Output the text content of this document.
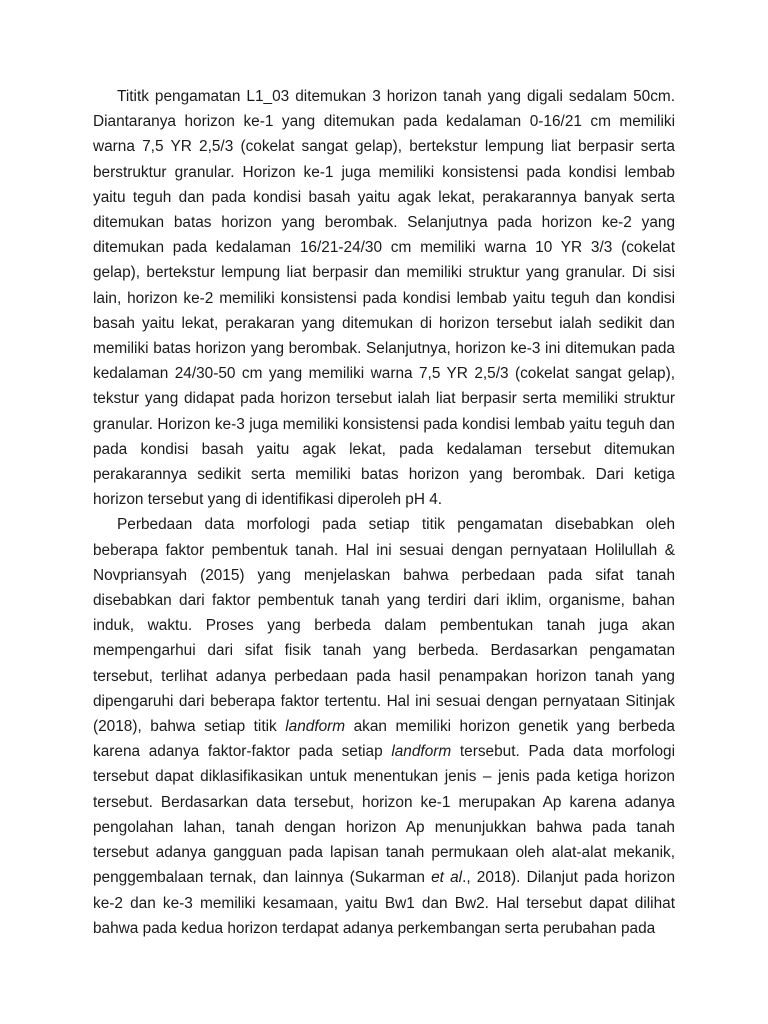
Tititk pengamatan L1_03 ditemukan 3 horizon tanah yang digali sedalam 50cm. Diantaranya horizon ke-1 yang ditemukan pada kedalaman 0-16/21 cm memiliki warna 7,5 YR 2,5/3 (cokelat sangat gelap), bertekstur lempung liat berpasir serta berstruktur granular. Horizon ke-1 juga memiliki konsistensi pada kondisi lembab yaitu teguh dan pada kondisi basah yaitu agak lekat, perakarannya banyak serta ditemukan batas horizon yang berombak. Selanjutnya pada horizon ke-2 yang ditemukan pada kedalaman 16/21-24/30 cm memiliki warna 10 YR 3/3 (cokelat gelap), bertekstur lempung liat berpasir dan memiliki struktur yang granular. Di sisi lain, horizon ke-2 memiliki konsistensi pada kondisi lembab yaitu teguh dan kondisi basah yaitu lekat, perakaran yang ditemukan di horizon tersebut ialah sedikit dan memiliki batas horizon yang berombak. Selanjutnya, horizon ke-3 ini ditemukan pada kedalaman 24/30-50 cm yang memiliki warna 7,5 YR 2,5/3 (cokelat sangat gelap), tekstur yang didapat pada horizon tersebut ialah liat berpasir serta memiliki struktur granular. Horizon ke-3 juga memiliki konsistensi pada kondisi lembab yaitu teguh dan pada kondisi basah yaitu agak lekat, pada kedalaman tersebut ditemukan perakarannya sedikit serta memiliki batas horizon yang berombak. Dari ketiga horizon tersebut yang di identifikasi diperoleh pH 4.

Perbedaan data morfologi pada setiap titik pengamatan disebabkan oleh beberapa faktor pembentuk tanah. Hal ini sesuai dengan pernyataan Holilullah & Novpriansyah (2015) yang menjelaskan bahwa perbedaan pada sifat tanah disebabkan dari faktor pembentuk tanah yang terdiri dari iklim, organisme, bahan induk, waktu. Proses yang berbeda dalam pembentukan tanah juga akan mempengarhui dari sifat fisik tanah yang berbeda. Berdasarkan pengamatan tersebut, terlihat adanya perbedaan pada hasil penampakan horizon tanah yang dipengaruhi dari beberapa faktor tertentu. Hal ini sesuai dengan pernyataan Sitinjak (2018), bahwa setiap titik landform akan memiliki horizon genetik yang berbeda karena adanya faktor-faktor pada setiap landform tersebut. Pada data morfologi tersebut dapat diklasifikasikan untuk menentukan jenis – jenis pada ketiga horizon tersebut. Berdasarkan data tersebut, horizon ke-1 merupakan Ap karena adanya pengolahan lahan, tanah dengan horizon Ap menunjukkan bahwa pada tanah tersebut adanya gangguan pada lapisan tanah permukaan oleh alat-alat mekanik, penggembalaan ternak, dan lainnya (Sukarman et al., 2018). Dilanjut pada horizon ke-2 dan ke-3 memiliki kesamaan, yaitu Bw1 dan Bw2. Hal tersebut dapat dilihat bahwa pada kedua horizon terdapat adanya perkembangan serta perubahan pada
